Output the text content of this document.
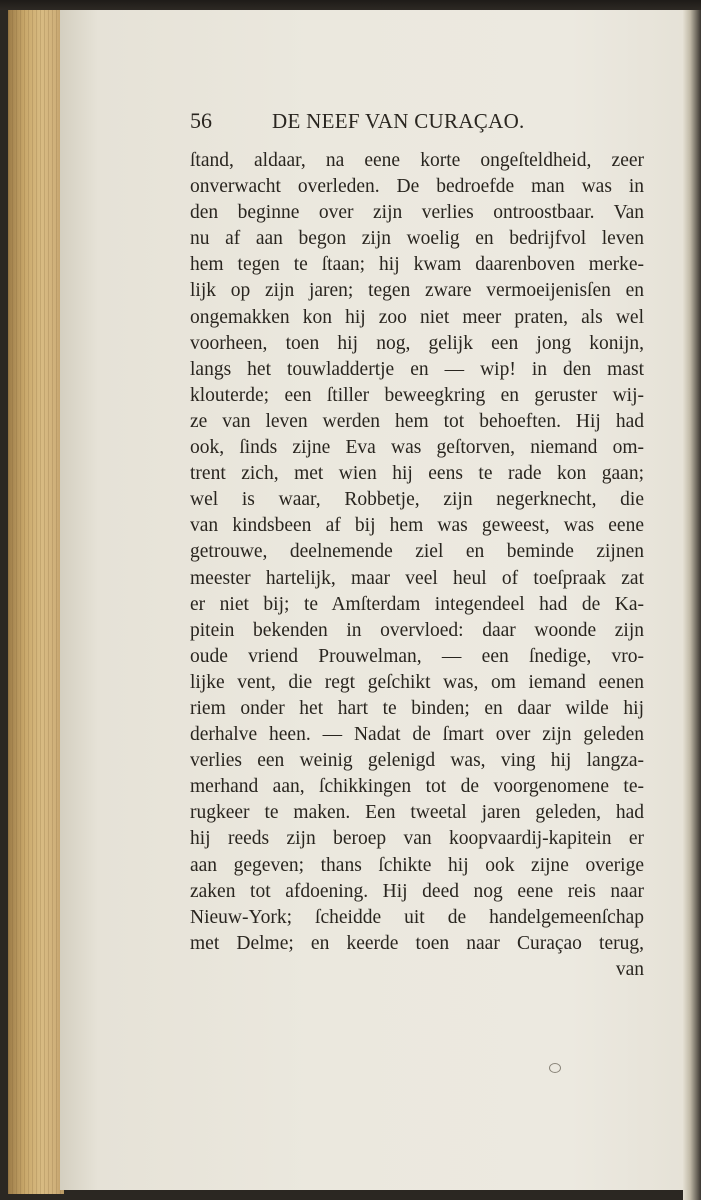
56	DE NEEF VAN CURAÇAO.
ſtand, aldaar, na eene korte ongeſteldheid, zeer
onverwacht overleden. De bedroefde man was in
den beginne over zijn verlies ontroostbaar. Van
nu af aan begon zijn woelig en bedrijfvol leven
hem tegen te ſtaan; hij kwam daarenboven merke-
lijk op zijn jaren; tegen zware vermoeijenisſen en
ongemakken kon hij zoo niet meer praten, als wel
voorheen, toen hij nog, gelijk een jong konijn,
langs het touwladdertje en — wip! in den mast
klouterde; een ſtiller beweegkring en geruster wij-
ze van leven werden hem tot behoeften. Hij had
ook, ſinds zijne Eva was geſtorven, niemand om-
trent zich, met wien hij eens te rade kon gaan;
wel is waar, Robbetje, zijn negerknecht, die
van kindsbeen af bij hem was geweest, was eene
getrouwe, deelnemende ziel en beminde zijnen
meester hartelijk, maar veel heul of toeſpraak zat
er niet bij; te Amſterdam integendeel had de Ka-
pitein bekenden in overvloed: daar woonde zijn
oude vriend Prouwelman, — een ſnedige, vro-
lijke vent, die regt geſchikt was, om iemand eenen
riem onder het hart te binden; en daar wilde hij
derhalve heen. — Nadat de ſmart over zijn geleden
verlies een weinig gelenigd was, ving hij langza-
merhand aan, ſchikkingen tot de voorgenomene te-
rugkeer te maken. Een tweetal jaren geleden, had
hij reeds zijn beroep van koopvaardij-kapitein er
aan gegeven; thans ſchikte hij ook zijne overige
zaken tot afdoening. Hij deed nog eene reis naar
Nieuw-York; ſcheidde uit de handelgemeenſchap
met Delme; en keerde toen naar Curaçao terug,
van
